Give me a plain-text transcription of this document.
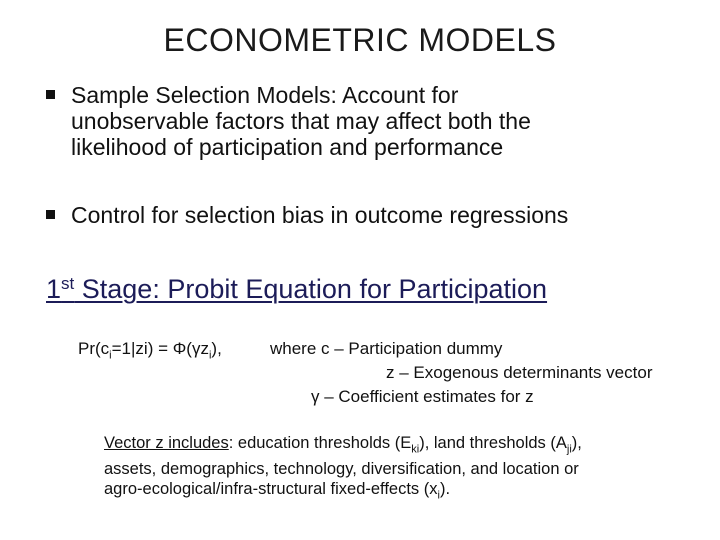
ECONOMETRIC MODELS
Sample Selection Models: Account for
unobservable factors that may affect both the
likelihood of participation and performance
Control for selection bias in outcome regressions
1st Stage: Probit Equation for Participation
$Pr(c_i=1|zi) = \Phi(\gamma z_i)$,	where c – Participation dummy
z – Exogenous determinants vector
γ – Coefficient estimates for z
Vector z includes: education thresholds $(E_{ki})$, land thresholds $(A_{ji})$,
assets, demographics, technology, diversification, and location or
agro-ecological/infra-structural fixed-effects $(x_i)$.
